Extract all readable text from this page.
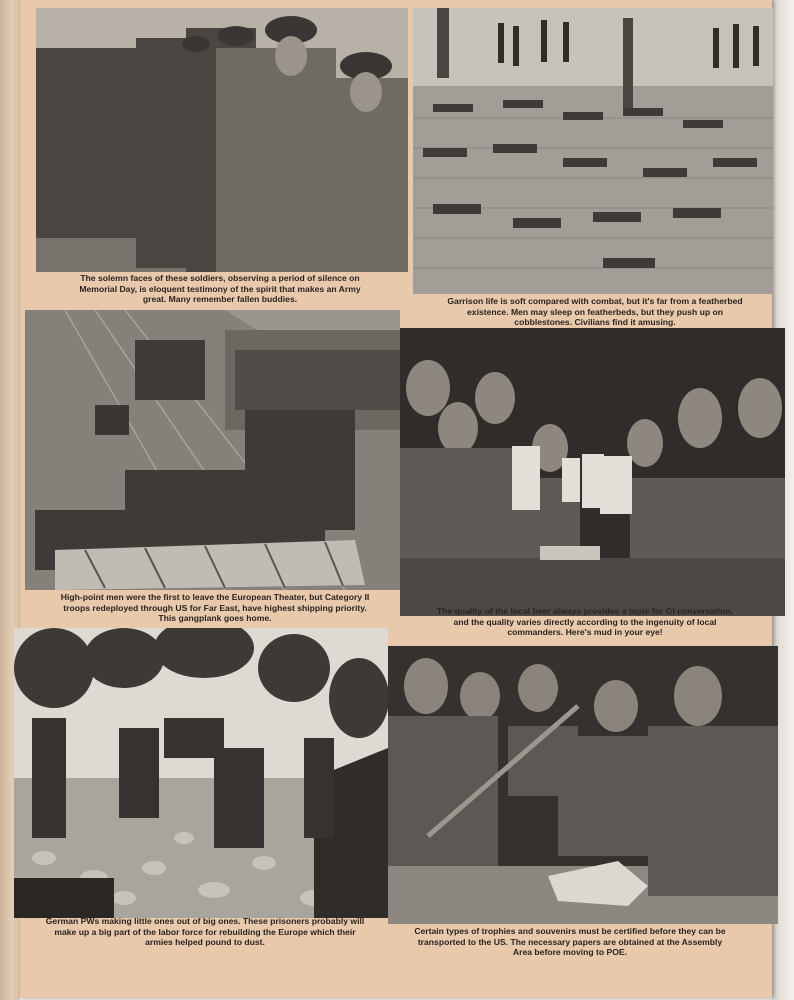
The solemn faces of these soldiers, observing a period of silence on Memorial Day, is eloquent testimony of the spirit that makes an Army great. Many remember fallen buddies.	Garrison life is soft compared with combat, but it's far from a featherbed existence. Men may sleep on featherbeds, but they push up on cobblestones. Civilians find it amusing.

High-point men were the first to leave the European Theater, but Category II troops redeployed through US for Far East, have highest shipping priority. This gangplank goes home.

The quality of the local beer always provides a topic for GI conversation, and the quality varies directly according to the ingenuity of local commanders. Here's mud in your eye!

German PWs making little ones out of big ones. These prisoners probably will make up a big part of the labor force for rebuilding the Europe which their armies helped pound to dust.

Certain types of trophies and souvenirs must be certified before they can be transported to the US. The necessary papers are obtained at the Assembly Area before moving to POE.
